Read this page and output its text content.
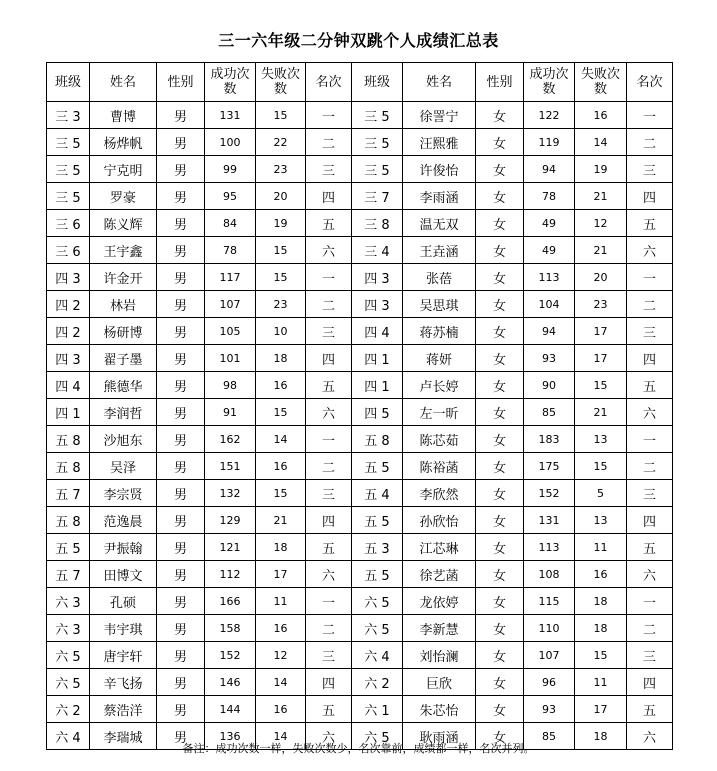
三一六年级二分钟双跳个人成绩汇总表
班级	姓名	性别	成功次数	失败次数	名次	班级	姓名	性别	成功次数	失败次数	名次
三 3	曹博	男	131	15	一	三 5	徐詈宁	女	122	16	一
三 5	杨烨帆	男	100	22	二	三 5	汪熙雅	女	119	14	二
三 5	宁克明	男	99	23	三	三 5	许俊怡	女	94	19	三
三 5	罗豪	男	95	20	四	三 7	李雨涵	女	78	21	四
三 6	陈义辉	男	84	19	五	三 8	温无双	女	49	12	五
三 6	王宇鑫	男	78	15	六	三 4	王垚涵	女	49	21	六
四 3	许金开	男	117	15	一	四 3	张蓓	女	113	20	一
四 2	林岩	男	107	23	二	四 3	吴思琪	女	104	23	二
四 2	杨研博	男	105	10	三	四 4	蒋苏楠	女	94	17	三
四 3	翟子墨	男	101	18	四	四 1	蒋妍	女	93	17	四
四 4	熊德华	男	98	16	五	四 1	卢长婷	女	90	15	五
四 1	李润哲	男	91	15	六	四 5	左一昕	女	85	21	六
五 8	沙旭东	男	162	14	一	五 8	陈芯茹	女	183	13	一
五 8	吴泽	男	151	16	二	五 5	陈裕菡	女	175	15	二
五 7	李宗贤	男	132	15	三	五 4	李欣然	女	152	5	三
五 8	范逸晨	男	129	21	四	五 5	孙欣怡	女	131	13	四
五 5	尹振翰	男	121	18	五	五 3	江芯琳	女	113	11	五
五 7	田博文	男	112	17	六	五 5	徐艺菡	女	108	16	六
六 3	孔硕	男	166	11	一	六 5	龙依婷	女	115	18	一
六 3	韦宇琪	男	158	16	二	六 5	李新慧	女	110	18	二
六 5	唐宇轩	男	152	12	三	六 4	刘怡澜	女	107	15	三
六 5	辛飞扬	男	146	14	四	六 2	巨欣	女	96	11	四
六 2	蔡浩洋	男	144	16	五	六 1	朱芯怡	女	93	17	五
六 4	李瑞城	男	136	14	六	六 5	耿雨涵	女	85	18	六
备注：成功次数一样，失败次数少，名次靠前，成绩都一样，名次并列。
